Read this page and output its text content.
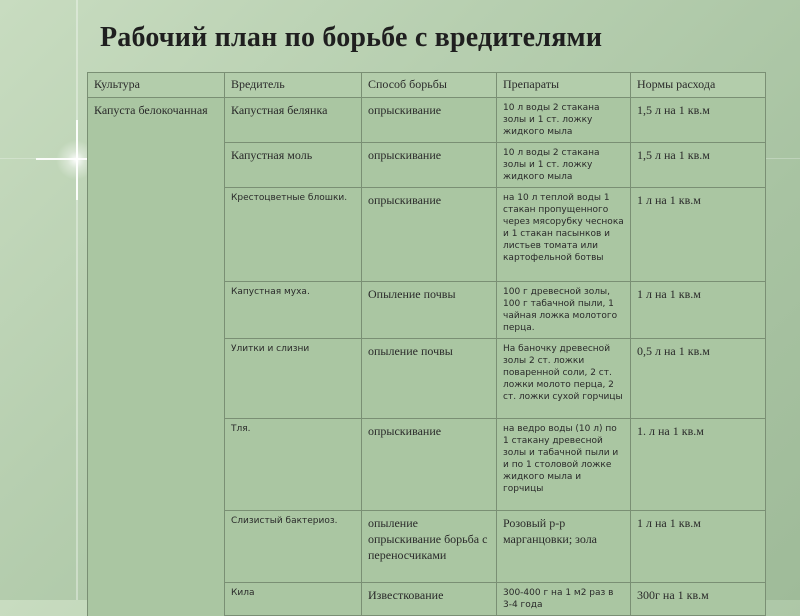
Рабочий план по борьбе с вредителями
Культура	Вредитель	Способ борьбы	Препараты	Нормы расхода
Капуста белокочанная	Капустная белянка	опрыскивание	10 л воды 2 стакана золы и 1 ст. ложку жидкого мыла	1,5 л на 1 кв.м
	Капустная моль	опрыскивание	10 л воды 2 стакана золы и 1 ст. ложку жидкого мыла	1,5 л на 1 кв.м
	Крестоцветные блошки.	опрыскивание	на 10 л теплой воды 1 стакан пропущенного через мясорубку чеснока и 1 стакан пасынков и листьев томата или картофельной ботвы	1 л на 1 кв.м
	Капустная муха.	Опыление почвы	100 г древесной золы, 100 г табачной пыли, 1 чайная ложка молотого перца.	1 л на 1 кв.м
	Улитки и слизни	опыление почвы	На баночку древесной золы 2 ст. ложки поваренной соли, 2 ст. ложки молото перца, 2 ст. ложки сухой горчицы	0,5 л на 1 кв.м
	Тля.	опрыскивание	на ведро воды (10 л) по 1 стакану древесной золы и табачной пыли и и по 1 столовой ложке жидкого мыла и горчицы	1. л на 1 кв.м
	Слизистый бактериоз.	опыление опрыскивание борьба с переносчиками	Розовый р-р марганцовки; зола	1 л на 1 кв.м
	Кила	Известкование	300-400 г на 1 м2 раз в 3-4 года	300г на 1 кв.м
